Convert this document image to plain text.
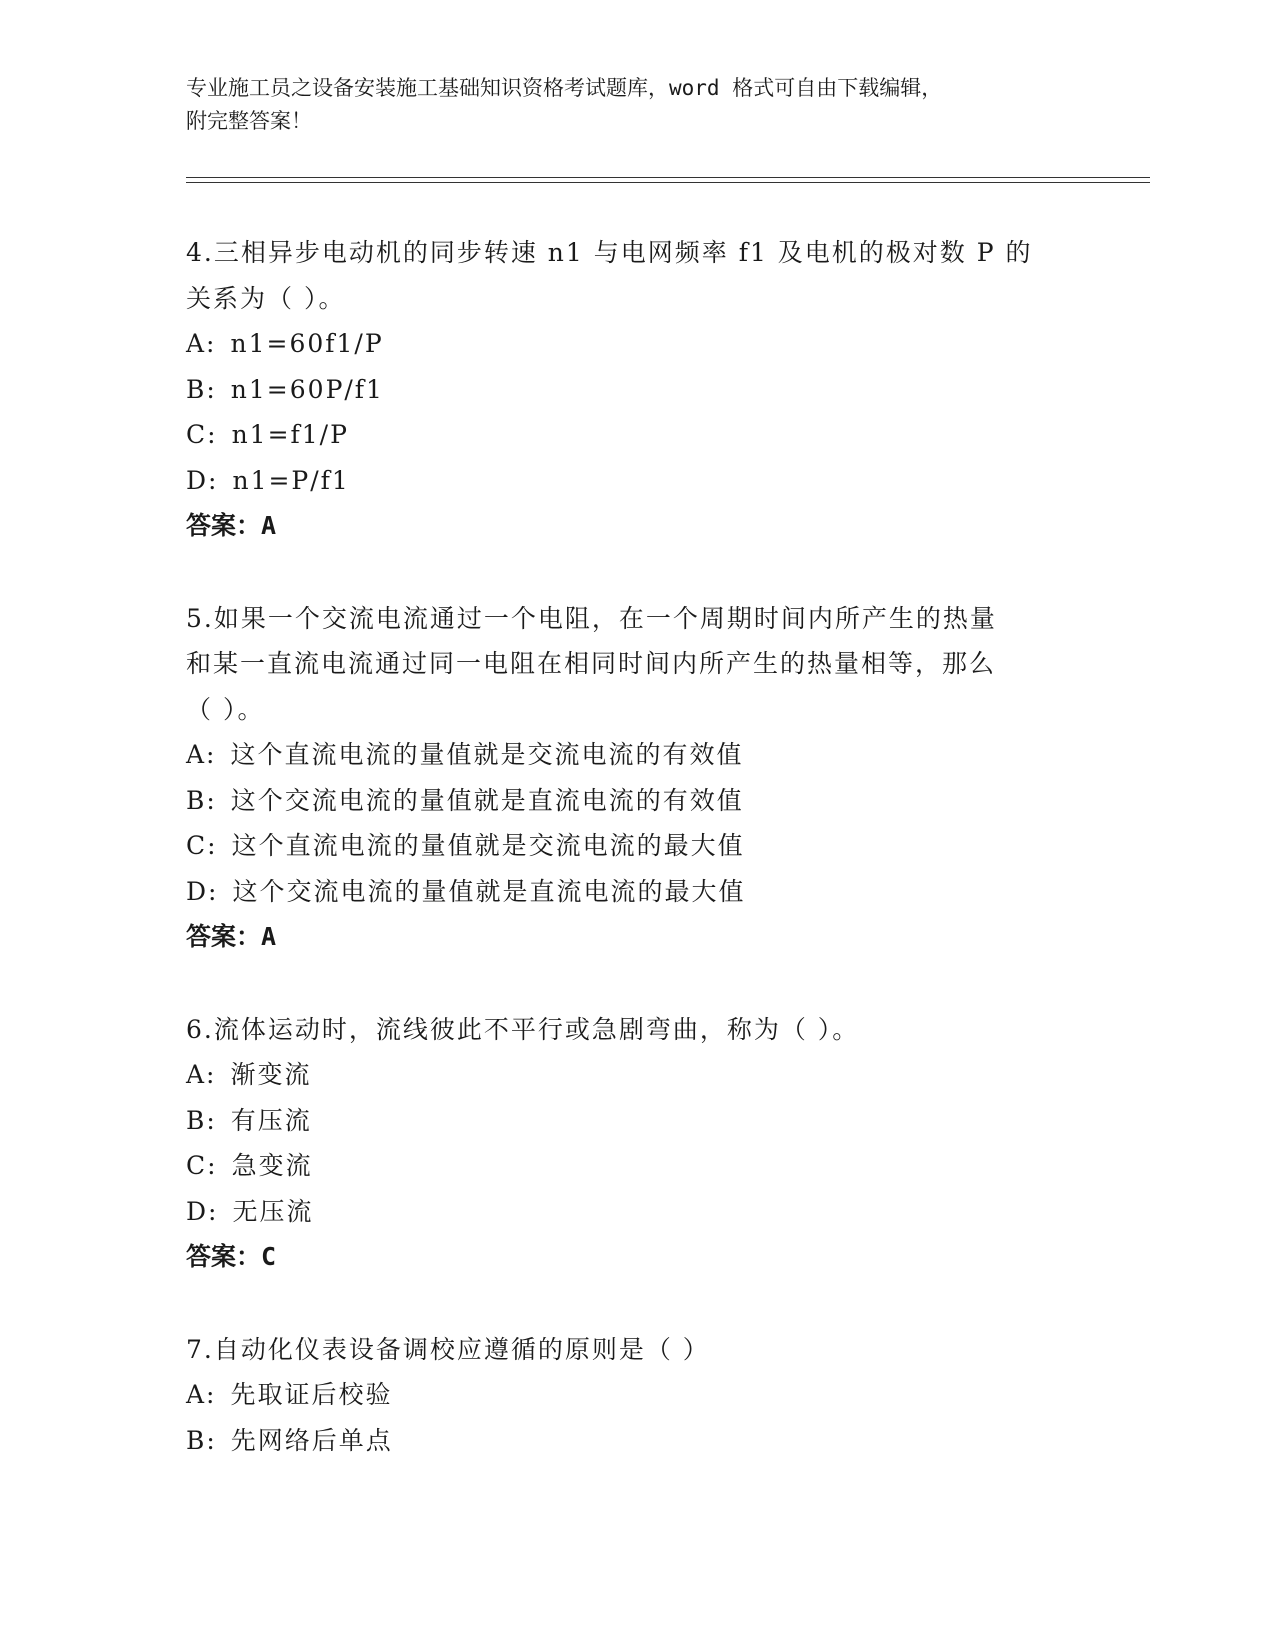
专业施工员之设备安装施工基础知识资格考试题库，word 格式可自由下载编辑，
附完整答案！
4.三相异步电动机的同步转速 n1 与电网频率 f1 及电机的极对数 P 的
关系为（ ）。
A: n1=60f1/P
B: n1=60P/f1
C: n1=f1/P
D: n1=P/f1
答案：A
5.如果一个交流电流通过一个电阻，在一个周期时间内所产生的热量
和某一直流电流通过同一电阻在相同时间内所产生的热量相等，那么
（ ）。
A: 这个直流电流的量值就是交流电流的有效值
B: 这个交流电流的量值就是直流电流的有效值
C: 这个直流电流的量值就是交流电流的最大值
D: 这个交流电流的量值就是直流电流的最大值
答案：A
6.流体运动时，流线彼此不平行或急剧弯曲，称为（ ）。
A: 渐变流
B: 有压流
C: 急变流
D: 无压流
答案：C
7.自动化仪表设备调校应遵循的原则是（ ）
A: 先取证后校验
B: 先网络后单点
